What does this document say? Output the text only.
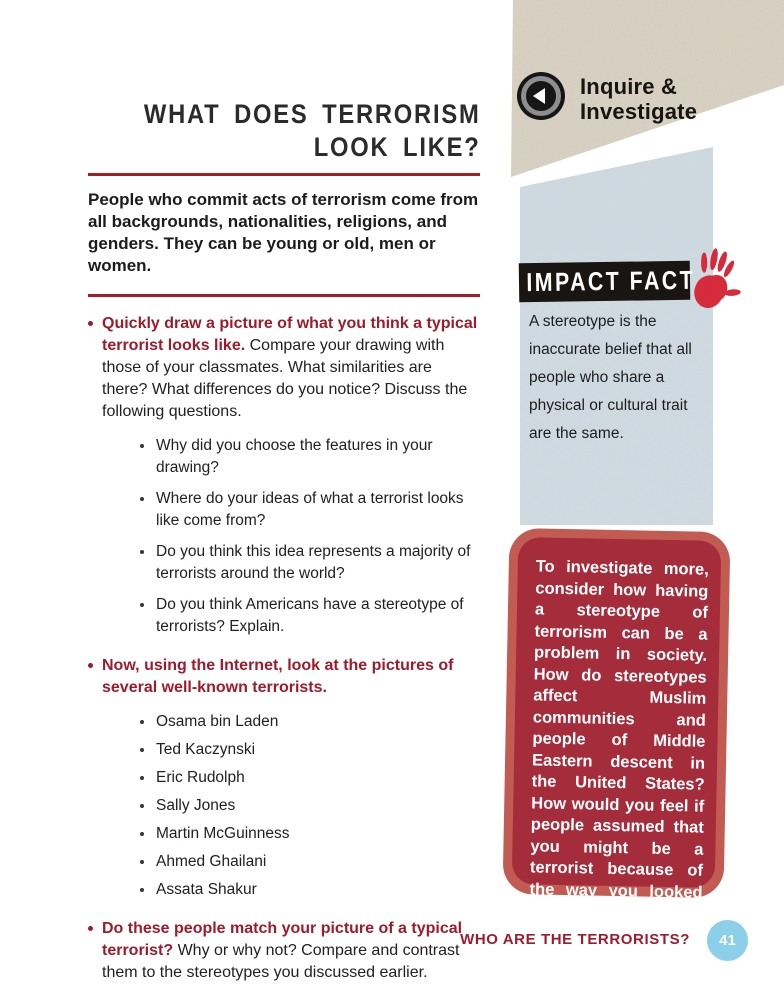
Inquire &
Investigate
IMPACT FACT
A stereotype is the inaccurate belief that all people who share a physical or cultural trait are the same.
To investigate more, consider how having a stereotype of terrorism can be a problem in society. How do stereotypes affect Muslim communities and people of Middle Eastern descent in the United States? How would you feel if people assumed that you might be a terrorist because of the way you looked or your religion?
WHAT DOES TERRORISM
LOOK LIKE?

People who commit acts of terrorism come from all backgrounds, nationalities, religions, and genders. They can be young or old, men or women.

Quickly draw a picture of what you think a typical terrorist looks like. Compare your drawing with those of your classmates. What similarities are there? What differences do you notice? Discuss the following questions.
Why did you choose the features in your drawing?
Where do your ideas of what a terrorist looks like come from?
Do you think this idea represents a majority of terrorists around the world?
Do you think Americans have a stereotype of terrorists? Explain.
Now, using the Internet, look at the pictures of several well-known terrorists.
Osama bin Laden
Ted Kaczynski
Eric Rudolph
Sally Jones
Martin McGuinness
Ahmed Ghailani
Assata Shakur
Do these people match your picture of a typical terrorist? Why or why not? Compare and contrast them to the stereotypes you discussed earlier.
WHO ARE THE TERRORISTS?	41
